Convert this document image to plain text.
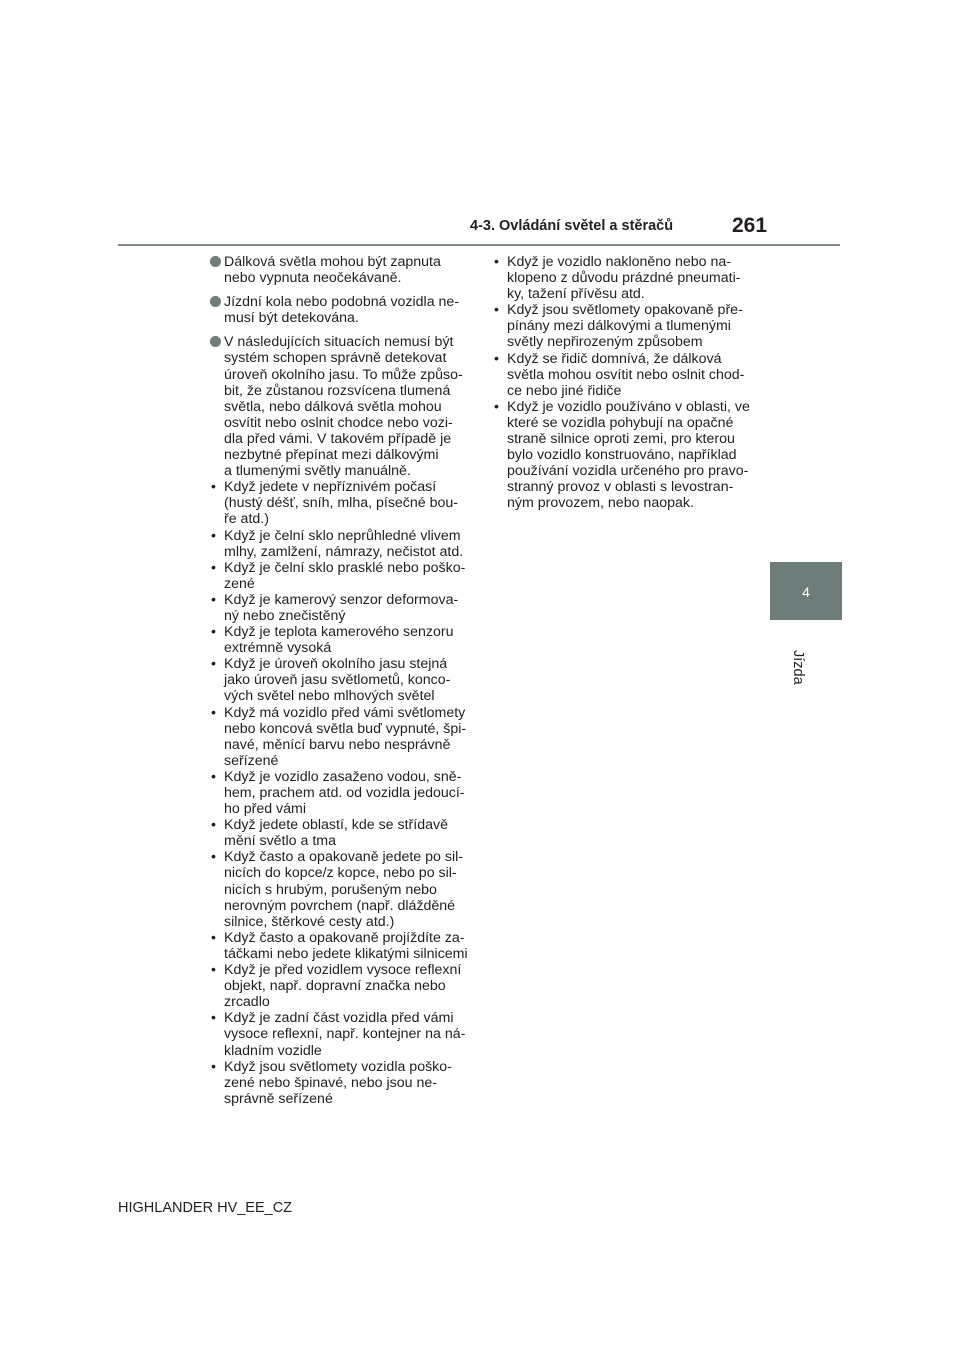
4-3. Ovládání světel a stěračů	261
4
Jízda
Dálková světla mohou být zapnuta
nebo vypnuta neočekávaně.
Jízdní kola nebo podobná vozidla ne-
musí být detekována.
V následujících situacích nemusí být
systém schopen správně detekovat
úroveň okolního jasu. To může způso-
bit, že zůstanou rozsvícena tlumená
světla, nebo dálková světla mohou
osvítit nebo oslnit chodce nebo vozi-
dla před vámi. V takovém případě je
nezbytné přepínat mezi dálkovými
a tlumenými světly manuálně.
• Když jedete v nepříznivém počasí
(hustý déšť, sníh, mlha, písečné bou-
ře atd.)
• Když je čelní sklo neprůhledné vlivem
mlhy, zamlžení, námrazy, nečistot atd.
• Když je čelní sklo prasklé nebo poško-
zené
• Když je kamerový senzor deformova-
ný nebo znečistěný
• Když je teplota kamerového senzoru
extrémně vysoká
• Když je úroveň okolního jasu stejná
jako úroveň jasu světlometů, konco-
vých světel nebo mlhových světel
• Když má vozidlo před vámi světlomety
nebo koncová světla buď vypnuté, špi-
navé, měnící barvu nebo nesprávně
seřízené
• Když je vozidlo zasaženo vodou, sně-
hem, prachem atd. od vozidla jedoucí-
ho před vámi
• Když jedete oblastí, kde se střídavě
mění světlo a tma
• Když často a opakovaně jedete po sil-
nicích do kopce/z kopce, nebo po sil-
nicích s hrubým, porušeným nebo
nerovným povrchem (např. dlážděné
silnice, štěrkové cesty atd.)
• Když často a opakovaně projíždíte za-
táčkami nebo jedete klikatými silnicemi
• Když je před vozidlem vysoce reflexní
objekt, např. dopravní značka nebo
zrcadlo
• Když je zadní část vozidla před vámi
vysoce reflexní, např. kontejner na ná-
kladním vozidle
• Když jsou světlomety vozidla poško-
zené nebo špinavé, nebo jsou ne-
správně seřízené
• Když je vozidlo nakloněno nebo na-
klopeno z důvodu prázdné pneumati-
ky, tažení přívěsu atd.
• Když jsou světlomety opakovaně pře-
pínány mezi dálkovými a tlumenými
světly nepřirozeným způsobem
• Když se řidič domnívá, že dálková
světla mohou osvítit nebo oslnit chod-
ce nebo jiné řidiče
• Když je vozidlo používáno v oblasti, ve
které se vozidla pohybují na opačné
straně silnice oproti zemi, pro kterou
bylo vozidlo konstruováno, například
používání vozidla určeného pro pravo-
stranný provoz v oblasti s levostran-
ným provozem, nebo naopak.
HIGHLANDER HV_EE_CZ
